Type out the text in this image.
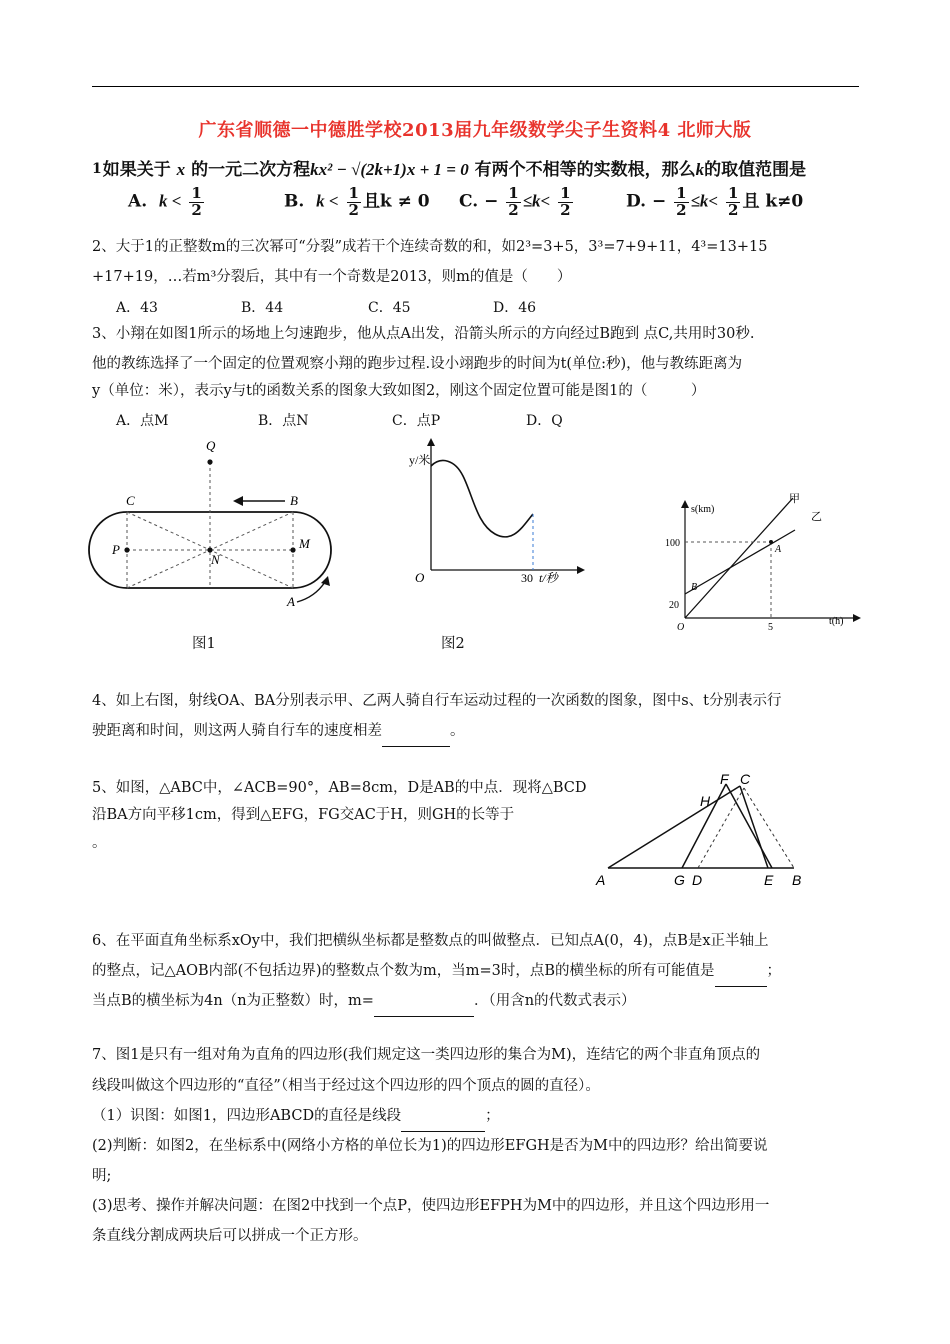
广东省顺德一中德胜学校2013届九年级数学尖子生资料4 北师大版
1如果关于 x 的一元二次方程kx² − √(2k+1)x + 1 = 0 有两个不相等的实数根，那么k的取值范围是
A. $k < \frac{1}{2}$	B. $k < \frac{1}{2}$ 且k ≠ 0 C. − $\frac{1}{2} \le k< \frac{1}{2}$	D. − $\frac{1}{2} \le k< \frac{1}{2}$ 且 k≠0
2、大于1的正整数m的三次幂可“分裂”成若干个连续奇数的和，如2³=3+5，3³=7+9+11，4³=13+15
+17+19，…若m³分裂后，其中有一个奇数是2013，则m的值是（　　）
A．43	B．44	C．45	D．46
3、小翔在如图1所示的场地上匀速跑步，他从点A出发，沿箭头所示的方向经过B跑到 点C,共用时30秒.
他的教练选择了一个固定的位置观察小翔的跑步过程.设小翊跑步的时间为t(单位:秒)，他与教练距离为
y（单位：米），表示y与t的函数关系的图象大致如图2，刚这个固定位置可能是图1的（　　　）
A．点M	B．点N	C．点P	D．Q
Q
C	B
P	M
N
A
图1
y/米
O	30 t/秒
图2
s(km)
甲
乙
100
A
B
20
O	5
t(h)
4、如上右图，射线OA、BA分别表示甲、乙两人骑自行车运动过程的一次函数的图象，图中s、t分别表示行
驶距离和时间，则这两人骑自行车的速度相差	。
5、如图，△ABC中，∠ACB=90°，AB=8cm，D是AB的中点．现将△BCD
沿BA方向平移1cm，得到△EFG，FG交AC于H，则GH的长等于
。
F C
H
A	G D	E B
6、在平面直角坐标系xOy中，我们把横纵坐标都是整数点的叫做整点．已知点A(0，4)，点B是x正半轴上
的整点，记△AOB内部(不包括边界)的整数点个数为m，当m=3时，点B的横坐标的所有可能值是	；
当点B的横坐标为4n（n为正整数）时，m=	．（用含n的代数式表示）
7、图1是只有一组对角为直角的四边形(我们规定这一类四边形的集合为M)，连结它的两个非直角顶点的
线段叫做这个四边形的“直径”（相当于经过这个四边形的四个顶点的圆的直径）。
（1）识图：如图1，四边形ABCD的直径是线段	；
(2)判断：如图2，在坐标系中(网络小方格的单位长为1)的四边形EFGH是否为M中的四边形？给出简要说
明;
(3)思考、操作并解决问题：在图2中找到一个点P，使四边形EFPH为M中的四边形，并且这个四边形用一
条直线分割成两块后可以拼成一个正方形。
